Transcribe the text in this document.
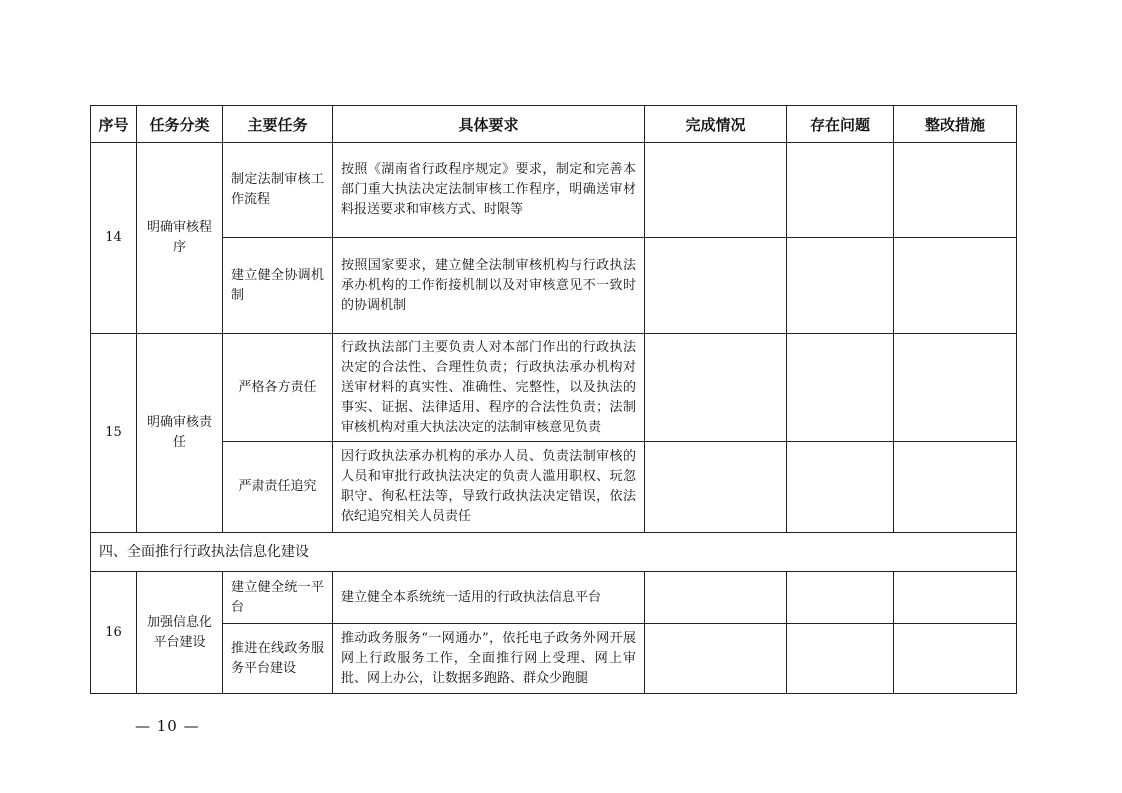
序号	任务分类	主要任务	具体要求	完成情况	存在问题	整改措施
14	明确审核程序	制定法制审核工作流程	按照《湖南省行政程序规定》要求，制定和完善本部门重大执法决定法制审核工作程序，明确送审材料报送要求和审核方式、时限等			
		建立健全协调机制	按照国家要求，建立健全法制审核机构与行政执法承办机构的工作衔接机制以及对审核意见不一致时的协调机制			
15	明确审核责任	严格各方责任	行政执法部门主要负责人对本部门作出的行政执法决定的合法性、合理性负责；行政执法承办机构对送审材料的真实性、准确性、完整性，以及执法的事实、证据、法律适用、程序的合法性负责；法制审核机构对重大执法决定的法制审核意见负责			
		严肃责任追究	因行政执法承办机构的承办人员、负责法制审核的人员和审批行政执法决定的负责人滥用职权、玩忽职守、徇私枉法等，导致行政执法决定错误，依法依纪追究相关人员责任			
四、全面推行行政执法信息化建设						
16	加强信息化平台建设	建立健全统一平台	建立健全本系统统一适用的行政执法信息平台			
		推进在线政务服务平台建设	推动政务服务“一网通办”，依托电子政务外网开展网上行政服务工作，全面推行网上受理、网上审批、网上办公，让数据多跑路、群众少跑腿			
— 10 —
